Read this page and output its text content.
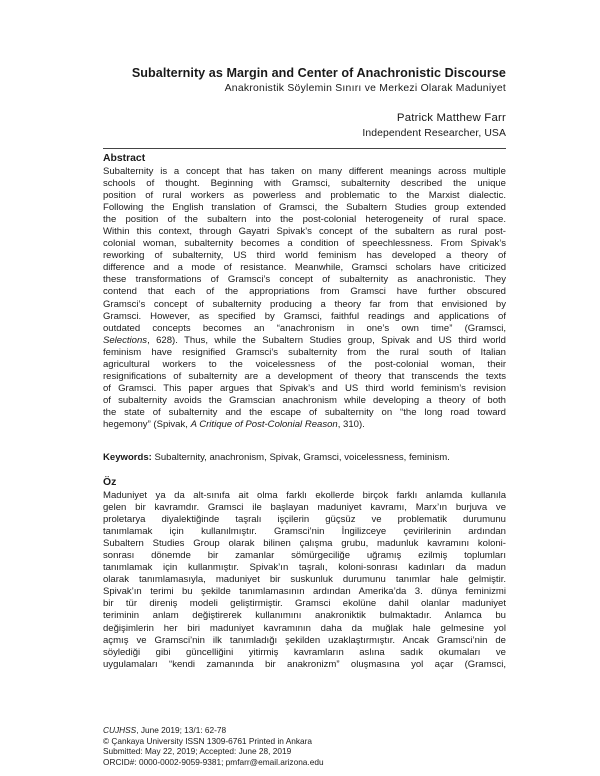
Subalternity as Margin and Center of Anachronistic Discourse
Anakronistik Söylemin Sınırı ve Merkezi Olarak Maduniyet
Patrick Matthew Farr
Independent Researcher, USA
Abstract
Subalternity is a concept that has taken on many different meanings across multiple
schools of thought. Beginning with Gramsci, subalternity described the unique
position of rural workers as powerless and problematic to the Marxist dialectic.
Following the English translation of Gramsci, the Subaltern Studies group extended
the position of the subaltern into the post-colonial heterogeneity of rural space.
Within this context, through Gayatri Spivak’s concept of the subaltern as rural post-
colonial woman, subalternity becomes a condition of speechlessness. From Spivak’s
reworking of subalternity, US third world feminism has developed a theory of
difference and a mode of resistance. Meanwhile, Gramsci scholars have criticized
these transformations of Gramsci’s concept of subalternity as anachronistic. They
contend that each of the appropriations from Gramsci have further obscured
Gramsci’s concept of subalternity producing a theory far from that envisioned by
Gramsci. However, as specified by Gramsci, faithful readings and applications of
outdated concepts becomes an “anachronism in one’s own time” (Gramsci,
Selections, 628). Thus, while the Subaltern Studies group, Spivak and US third world
feminism have resignified Gramsci’s subalternity from the rural south of Italian
agricultural workers to the voicelessness of the post-colonial woman, their
resignifications of subalternity are a development of theory that transcends the texts
of Gramsci. This paper argues that Spivak’s and US third world feminism’s revision
of subalternity avoids the Gramscian anachronism while developing a theory of both
the state of subalternity and the escape of subalternity on “the long road toward
hegemony” (Spivak, A Critique of Post-Colonial Reason, 310).
Keywords: Subalternity, anachronism, Spivak, Gramsci, voicelessness, feminism.
Öz
Maduniyet ya da alt-sınıfa ait olma farklı ekollerde birçok farklı anlamda kullanıla
gelen bir kavramdır. Gramsci ile başlayan maduniyet kavramı, Marx’ın burjuva ve
proletarya diyalektiğinde taşralı işçilerin güçsüz ve problematik durumunu
tanımlamak için kullanılmıştır. Gramsci’nin İngilizceye çevirilerinin ardından
Subaltern Studies Group olarak bilinen çalışma grubu, madunluk kavramını koloni-
sonrası dönemde bir zamanlar sömürgeciliğe uğramış ezilmiş toplumları
tanımlamak için kullanmıştır. Spivak’ın taşralı, koloni-sonrası kadınları da madun
olarak tanımlamasıyla, maduniyet bir suskunluk durumunu tanımlar hale gelmiştir.
Spivak’ın terimi bu şekilde tanımlamasının ardından Amerika’da 3. dünya feminizmi
bir tür direniş modeli geliştirmiştir. Gramsci ekolüne dahil olanlar maduniyet
teriminin anlam değiştirerek kullanımını anakroniktik bulmaktadır. Anlamca bu
değişimlerin her biri maduniyet kavramının daha da muğlak hale gelmesine yol
açmış ve Gramsci’nin ilk tanımladığı şekilden uzaklaştırmıştır. Ancak Gramsci’nin de
söylediği gibi güncelliğini yitirmiş kavramların aslına sadık okumaları ve
uygulamaları “kendi zamanında bir anakronizm” oluşmasına yol açar (Gramsci,
CUJHSS, June 2019; 13/1: 62-78
© Çankaya University ISSN 1309-6761 Printed in Ankara
Submitted: May 22, 2019; Accepted: June 28, 2019
ORCID#: 0000-0002-9059-9381; pmfarr@email.arizona.edu
